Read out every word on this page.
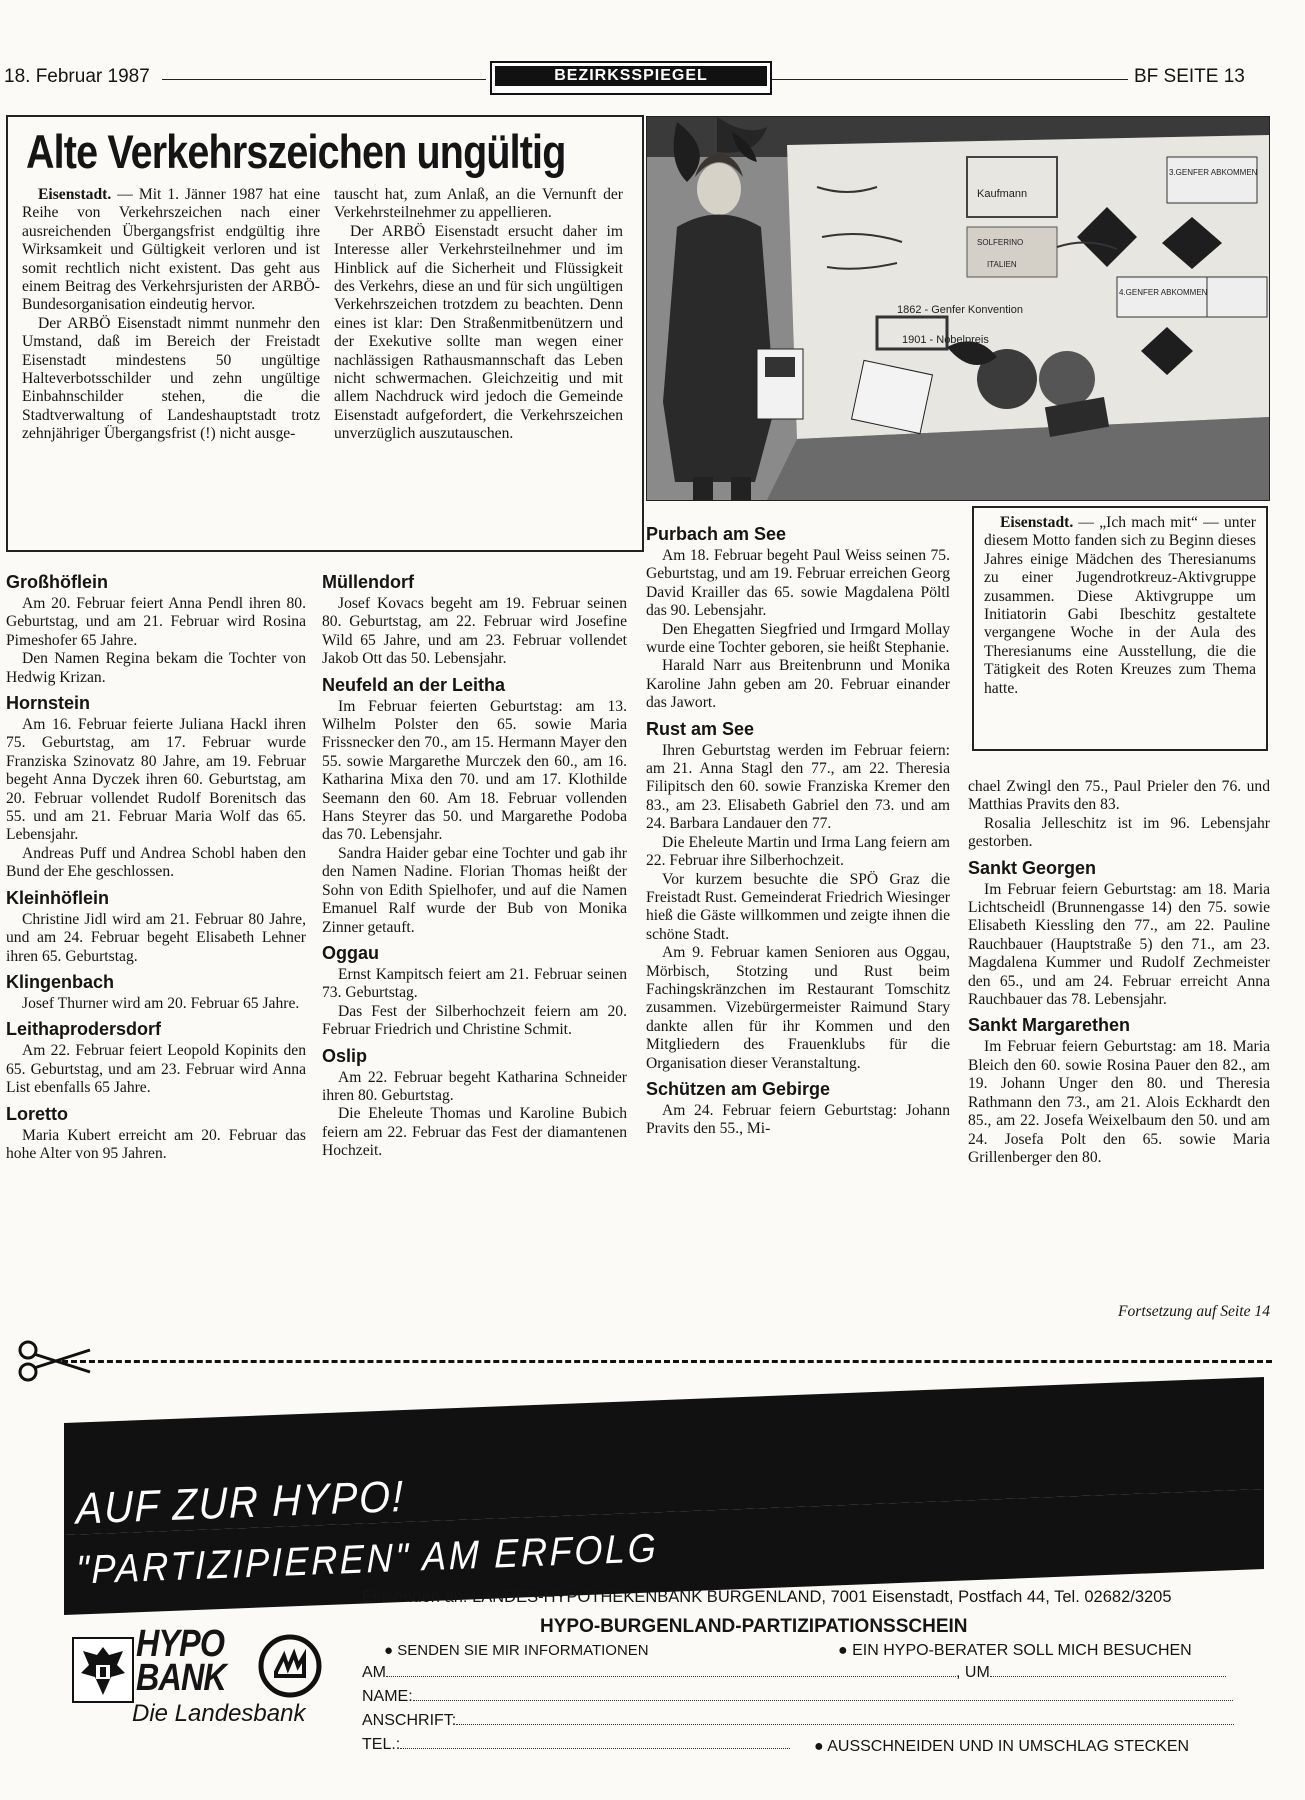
18. Februar 1987	BEZIRKSSPIEGEL	BF SEITE 13
Alte Verkehrszeichen ungültig

Eisenstadt. — Mit 1. Jänner 1987 hat eine Reihe von Verkehrszeichen nach einer ausreichenden Übergangsfrist endgültig ihre Wirksamkeit und Gültigkeit verloren und ist somit rechtlich nicht existent. Das geht aus einem Beitrag des Verkehrsjuristen der ARBÖ-Bundesorganisation eindeutig hervor.

Der ARBÖ Eisenstadt nimmt nunmehr den Umstand, daß im Bereich der Freistadt Eisenstadt mindestens 50 ungültige Halteverbotsschilder und zehn ungültige Einbahnschilder stehen, die die Stadtverwaltung of Landeshauptstadt trotz zehnjähriger Übergangsfrist (!) nicht ausge-

tauscht hat, zum Anlaß, an die Vernunft der Verkehrsteilnehmer zu appellieren.

Der ARBÖ Eisenstadt ersucht daher im Interesse aller Verkehrsteilnehmer und im Hinblick auf die Sicherheit und Flüssigkeit des Verkehrs, diese an und für sich ungültigen Verkehrszeichen trotzdem zu beachten. Denn eines ist klar: Den Straßenmitbenützern und der Exekutive sollte man wegen einer nachlässigen Rathausmannschaft das Leben nicht schwermachen. Gleichzeitig und mit allem Nachdruck wird jedoch die Gemeinde Eisenstadt aufgefordert, die Verkehrszeichen unverzüglich auszutauschen.

Kaufmann
1862 - Genfer Konvention
1901 - Nobelpreis
3.GENFER ABKOMMEN
4.GENFER ABKOMMEN
SOLFERINO
ITALIEN

Eisenstadt. — „Ich mach mit“ — unter diesem Motto fanden sich zu Beginn dieses Jahres einige Mädchen des Theresianums zu einer Jugendrotkreuz-Aktivgruppe zusammen. Diese Aktivgruppe um Initiatorin Gabi Ibeschitz gestaltete vergangene Woche in der Aula des Theresianums eine Ausstellung, die die Tätigkeit des Roten Kreuzes zum Thema hatte.

Großhöflein

Am 20. Februar feiert Anna Pendl ihren 80. Geburtstag, und am 21. Februar wird Rosina Pimeshofer 65 Jahre.

Den Namen Regina bekam die Tochter von Hedwig Krizan.

Hornstein

Am 16. Februar feierte Juliana Hackl ihren 75. Geburtstag, am 17. Februar wurde Franziska Szinovatz 80 Jahre, am 19. Februar begeht Anna Dyczek ihren 60. Geburtstag, am 20. Februar vollendet Rudolf Borenitsch das 55. und am 21. Februar Maria Wolf das 65. Lebensjahr.

Andreas Puff und Andrea Schobl haben den Bund der Ehe geschlossen.

Kleinhöflein

Christine Jidl wird am 21. Februar 80 Jahre, und am 24. Februar begeht Elisabeth Lehner ihren 65. Geburtstag.

Klingenbach

Josef Thurner wird am 20. Februar 65 Jahre.

Leithaprodersdorf

Am 22. Februar feiert Leopold Kopinits den 65. Geburtstag, und am 23. Februar wird Anna List ebenfalls 65 Jahre.

Loretto

Maria Kubert erreicht am 20. Februar das hohe Alter von 95 Jahren.

Müllendorf

Josef Kovacs begeht am 19. Februar seinen 80. Geburtstag, am 22. Februar wird Josefine Wild 65 Jahre, und am 23. Februar vollendet Jakob Ott das 50. Lebensjahr.

Neufeld an der Leitha

Im Februar feierten Geburtstag: am 13. Wilhelm Polster den 65. sowie Maria Frissnecker den 70., am 15. Hermann Mayer den 55. sowie Margarethe Murczek den 60., am 16. Katharina Mixa den 70. und am 17. Klothilde Seemann den 60. Am 18. Februar vollenden Hans Steyrer das 50. und Margarethe Podoba das 70. Lebensjahr.

Sandra Haider gebar eine Tochter und gab ihr den Namen Nadine. Florian Thomas heißt der Sohn von Edith Spielhofer, und auf die Namen Emanuel Ralf wurde der Bub von Monika Zinner getauft.

Oggau

Ernst Kampitsch feiert am 21. Februar seinen 73. Geburtstag.

Das Fest der Silberhochzeit feiern am 20. Februar Friedrich und Christine Schmit.

Oslip

Am 22. Februar begeht Katharina Schneider ihren 80. Geburtstag.

Die Eheleute Thomas und Karoline Bubich feiern am 22. Februar das Fest der diamantenen Hochzeit.

Purbach am See

Am 18. Februar begeht Paul Weiss seinen 75. Geburtstag, und am 19. Februar erreichen Georg David Krailler das 65. sowie Magdalena Pöltl das 90. Lebensjahr.

Den Ehegatten Siegfried und Irmgard Mollay wurde eine Tochter geboren, sie heißt Stephanie.

Harald Narr aus Breitenbrunn und Monika Karoline Jahn geben am 20. Februar einander das Jawort.

Rust am See

Ihren Geburtstag werden im Februar feiern: am 21. Anna Stagl den 77., am 22. Theresia Filipitsch den 60. sowie Franziska Kremer den 83., am 23. Elisabeth Gabriel den 73. und am 24. Barbara Landauer den 77.

Die Eheleute Martin und Irma Lang feiern am 22. Februar ihre Silberhochzeit.

Vor kurzem besuchte die SPÖ Graz die Freistadt Rust. Gemeinderat Friedrich Wiesinger hieß die Gäste willkommen und zeigte ihnen die schöne Stadt.

Am 9. Februar kamen Senioren aus Oggau, Mörbisch, Stotzing und Rust beim Fachingskränzchen im Restaurant Tomschitz zusammen. Vizebürgermeister Raimund Stary dankte allen für ihr Kommen und den Mitgliedern des Frauenklubs für die Organisation dieser Veranstaltung.

Schützen am Gebirge

Am 24. Februar feiern Geburtstag: Johann Pravits den 55., Mi-

chael Zwingl den 75., Paul Prieler den 76. und Matthias Pravits den 83.

Rosalia Jelleschitz ist im 96. Lebensjahr gestorben.

Sankt Georgen

Im Februar feiern Geburtstag: am 18. Maria Lichtscheidl (Brunnengasse 14) den 75. sowie Elisabeth Kiessling den 77., am 22. Pauline Rauchbauer (Hauptstraße 5) den 71., am 23. Magdalena Kummer und Rudolf Zechmeister den 65., und am 24. Februar erreicht Anna Rauchbauer das 78. Lebensjahr.

Sankt Margarethen

Im Februar feiern Geburtstag: am 18. Maria Bleich den 60. sowie Rosina Pauer den 82., am 19. Johann Unger den 80. und Theresia Rathmann den 73., am 21. Alois Eckhardt den 85., am 22. Josefa Weixelbaum den 50. und am 24. Josefa Polt den 65. sowie Maria Grillenberger den 80.

Fortsetzung auf Seite 14
AUF ZUR HYPO!
"PARTIZIPIEREN" AM ERFOLG
Einsenden an: LANDES-HYPOTHEKENBANK BURGENLAND, 7001 Eisenstadt, Postfach 44, Tel. 02682/3205
HYPO-BURGENLAND-PARTIZIPATIONSSCHEIN
HYPO
BANK
Die Landesbank
● SENDEN SIE MIR INFORMATIONEN	● EIN HYPO-BERATER SOLL MICH BESUCHEN
AM	, UM
NAME:
ANSCHRIFT:
TEL.:	● AUSSCHNEIDEN UND IN UMSCHLAG STECKEN
